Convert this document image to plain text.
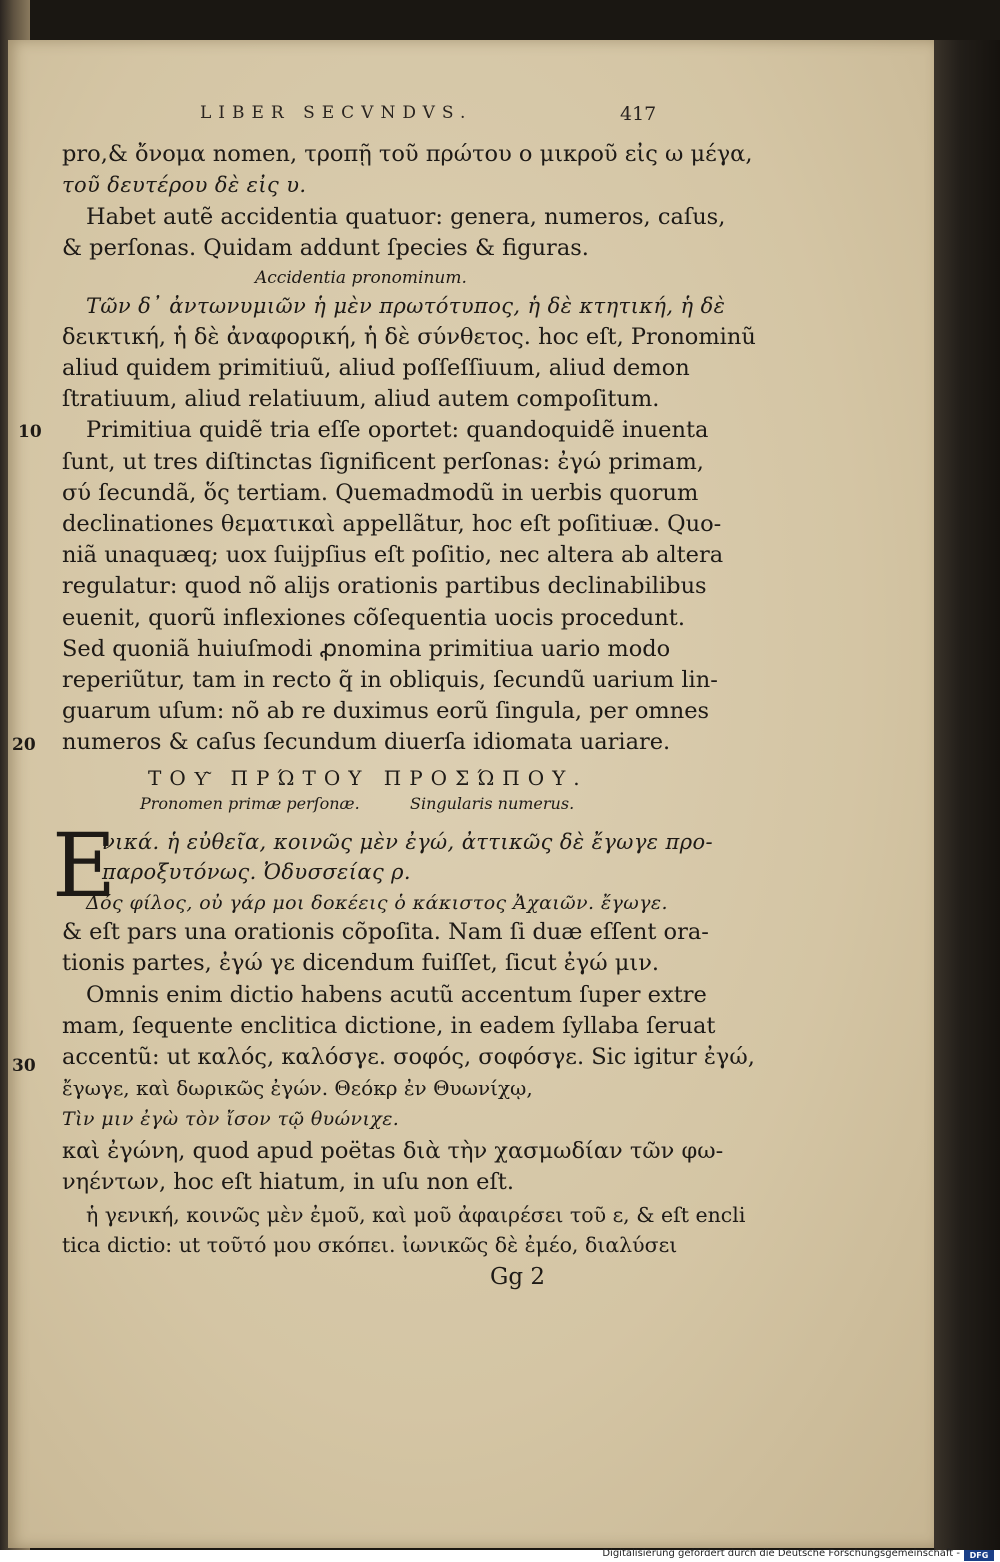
LIBER SECVNDVS.	417
pro,& ὄνομα nomen, τροπῇ τοῦ πρώτου ο μικροῦ εἰς ω μέγα,
τοῦ δευτέρου δὲ εἰς υ.
Habet autẽ accidentia quatuor: genera, numeros, caſus,
& perſonas. Quidam addunt ſpecies & figuras.
Accidentia pronominum.
Τῶν δ᾽ ἀντωνυμιῶν ἡ μὲν πρωτότυπος, ἡ δὲ κτητική, ἡ δὲ
δεικτική, ἡ δὲ ἀναφορική, ἡ δὲ σύνθετος. hoc eſt, Pronominũ
aliud quidem primitiuũ, aliud poſſeſſiuum, aliud demon
ſtratiuum, aliud relatiuum, aliud autem compoſitum.
Primitiua quidẽ tria eſſe oportet: quandoquidẽ inuenta
ſunt, ut tres diſtinctas ſignificent perſonas: ἐγώ primam,
σύ ſecundã, ὅς tertiam. Quemadmodũ in uerbis quorum
declinationes θεματικαὶ appellãtur, hoc eſt poſitiuæ. Quo-
niã unaquæq; uox ſuijpſius eſt poſitio, nec altera ab altera
regulatur: quod nõ alijs orationis partibus declinabilibus
euenit, quorũ inflexiones cõſequentia uocis procedunt.
Sed quoniã huiuſmodi ꝓnomina primitiua uario modo
reperiũtur, tam in recto q̃ in obliquis, ſecundũ uarium lin-
guarum uſum: nõ ab re duximus eorũ ſingula, per omnes
numeros & caſus ſecundum diuerſa idiomata uariare.
10
20
30
ΤΟΥ͂ ΠΡΏΤΟΥ ΠΡΟΣΏΠΟΥ.
Pronomen primæ perſonæ.	Singularis numerus.
E
νικά. ἡ εὐθεῖα, κοινῶς μὲν ἐγώ, ἀττικῶς δὲ ἔγωγε προ-
παροξυτόνως. Ὀδυσσείας ρ.
Δός φίλος, οὐ γάρ μοι δοκέεις ὁ κάκιστος Ἀχαιῶν. ἔγωγε.
& eſt pars una orationis cõpoſita. Nam ſi duæ eſſent ora-
tionis partes, ἐγώ γε dicendum fuiſſet, ſicut ἐγώ μιν.
Omnis enim dictio habens acutũ accentum ſuper extre
mam, ſequente enclitica dictione, in eadem ſyllaba ſeruat
accentũ: ut καλός, καλόσγε. σοφός, σοφόσγε. Sic igitur ἐγώ,
ἔγωγε, καὶ δωρικῶς ἐγών. Θεόκρ ἐν Θυωνίχῳ,
Τὶν μιν ἐγὼ τὸν ἴσον τῷ θυώνιχε.
καὶ ἐγώνη, quod apud poëtas διὰ τὴν χασμωδίαν τῶν φω-
νηέντων, hoc eſt hiatum, in uſu non eſt.
ἡ γενική, κοινῶς μὲν ἐμοῦ, καὶ μοῦ ἀφαιρέσει τοῦ ε, & eſt encli
tica dictio: ut τοῦτό μου σκόπει. ἰωνικῶς δὲ ἐμέο, διαλύσει
Gg 2
Digitalisierung gefördert durch die Deutsche Forschungsgemeinschaft -	DFG
